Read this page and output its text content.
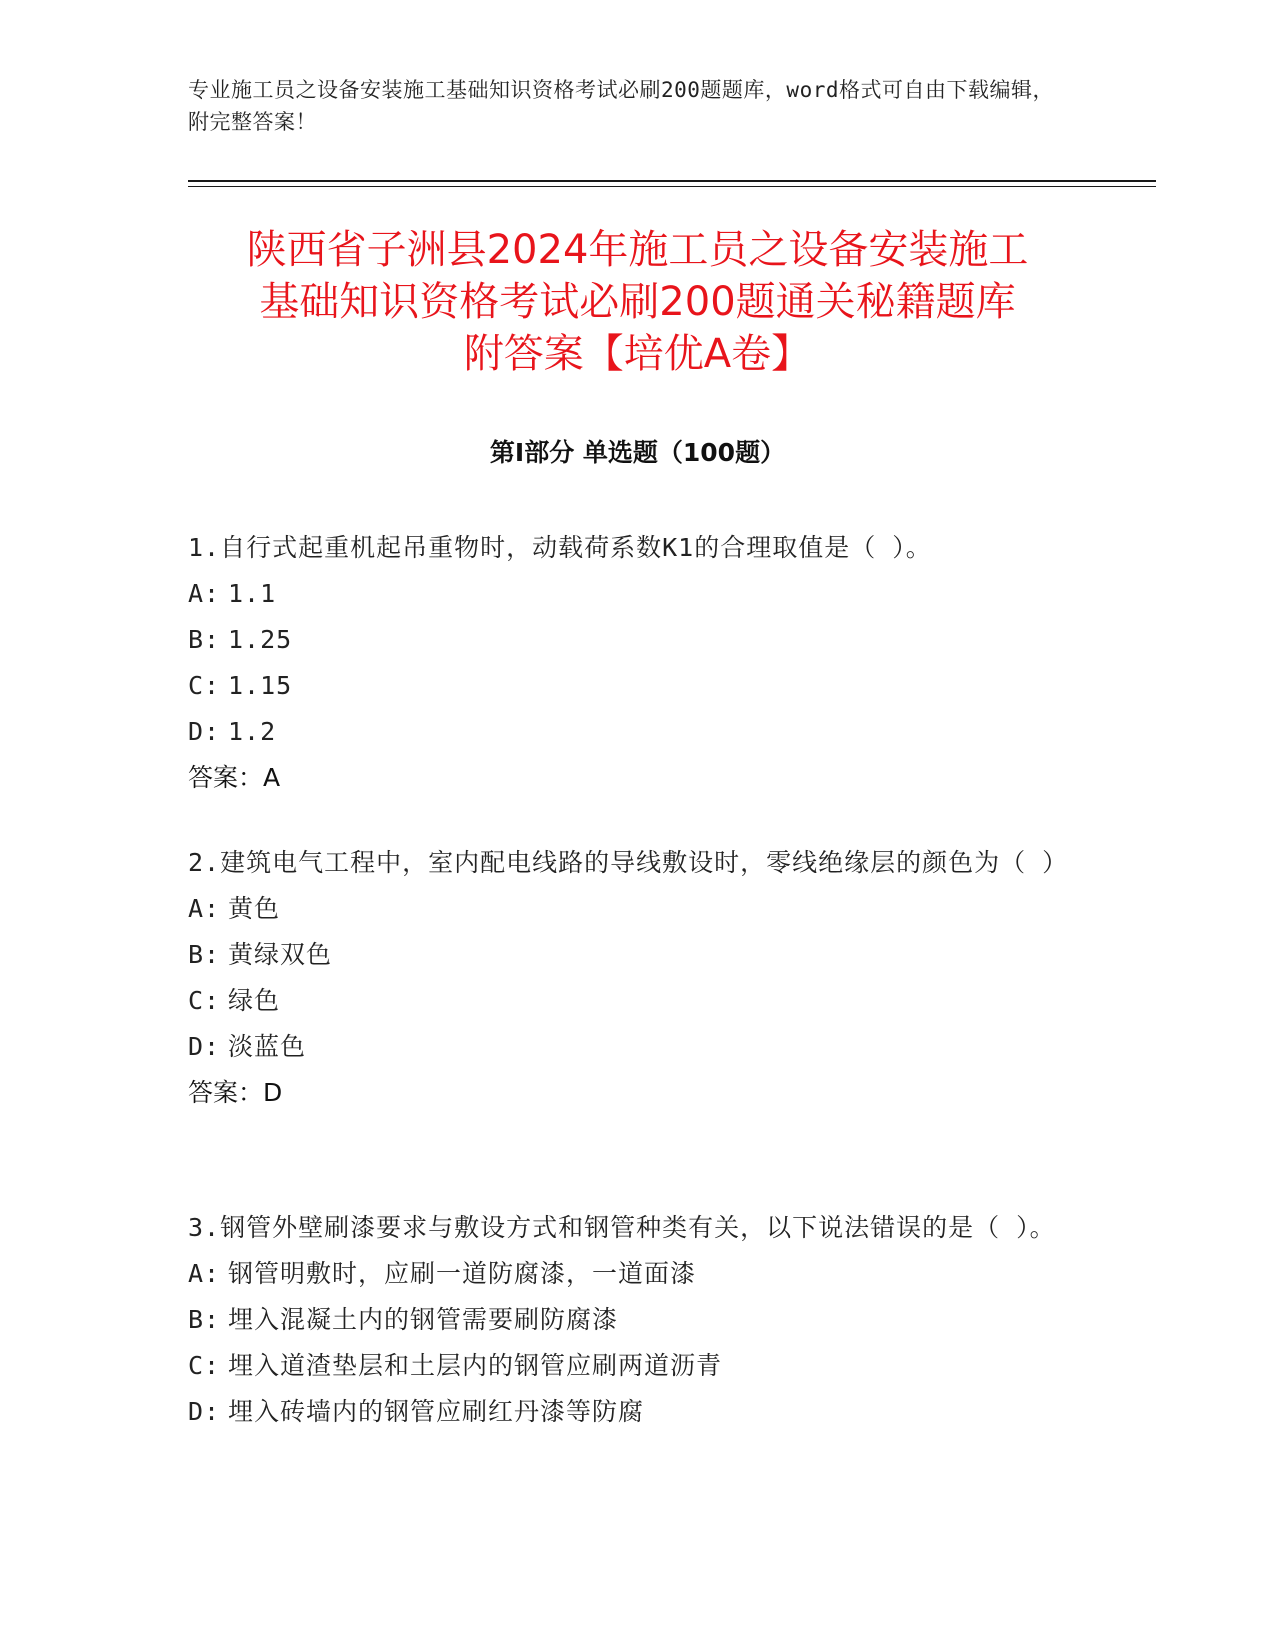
专业施工员之设备安装施工基础知识资格考试必刷200题题库，word格式可自由下载编辑，附完整答案！
陕西省子洲县2024年施工员之设备安装施工
基础知识资格考试必刷200题通关秘籍题库
附答案【培优A卷】
第Ⅰ部分 单选题（100题）

1.自行式起重机起吊重物时，动载荷系数K1的合理取值是（ ）。

A: 1.1

B: 1.25

C: 1.15

D: 1.2

答案：A

2.建筑电气工程中，室内配电线路的导线敷设时，零线绝缘层的颜色为（ ）

A: 黄色

B: 黄绿双色

C: 绿色

D: 淡蓝色

答案：D

3.钢管外壁刷漆要求与敷设方式和钢管种类有关，以下说法错误的是（ ）。

A: 钢管明敷时，应刷一道防腐漆，一道面漆

B: 埋入混凝土内的钢管需要刷防腐漆

C: 埋入道渣垫层和土层内的钢管应刷两道沥青

D: 埋入砖墙内的钢管应刷红丹漆等防腐
